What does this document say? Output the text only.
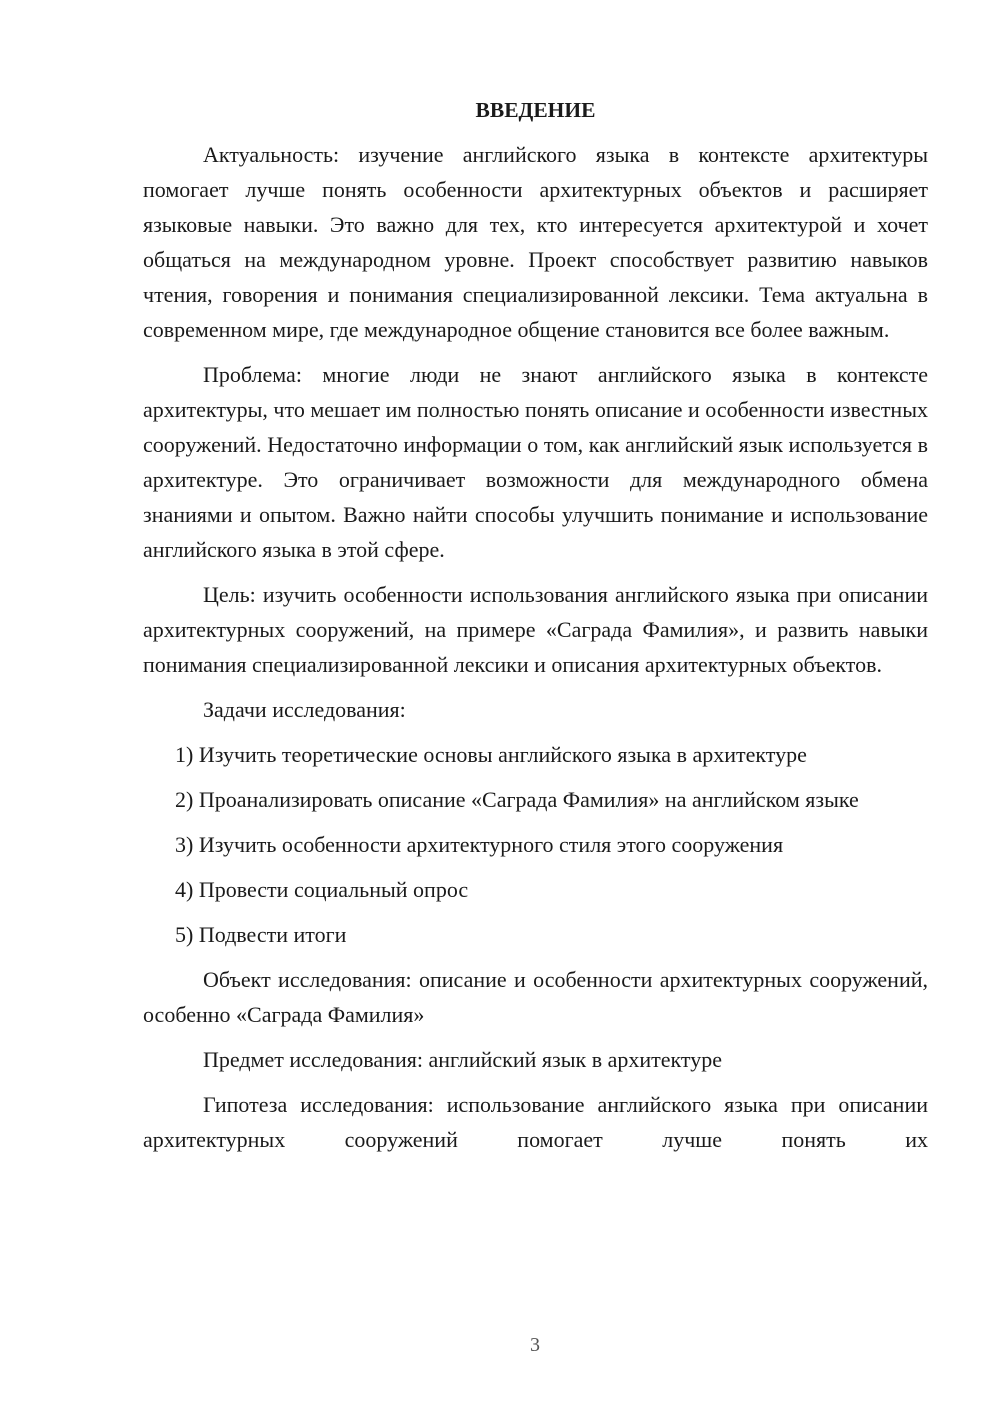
ВВЕДЕНИЕ

Актуальность: изучение английского языка в контексте архитектуры помогает лучше понять особенности архитектурных объектов и расширяет языковые навыки. Это важно для тех, кто интересуется архитектурой и хочет общаться на международном уровне. Проект способствует развитию навыков чтения, говорения и понимания специализированной лексики. Тема актуальна в современном мире, где международное общение становится все более важным.

Проблема: многие люди не знают английского языка в контексте архитектуры, что мешает им полностью понять описание и особенности известных сооружений. Недостаточно информации о том, как английский язык используется в архитектуре. Это ограничивает возможности для международного обмена знаниями и опытом. Важно найти способы улучшить понимание и использование английского языка в этой сфере.

Цель: изучить особенности использования английского языка при описании архитектурных сооружений, на примере «Саграда Фамилия», и развить навыки понимания специализированной лексики и описания архитектурных объектов.

Задачи исследования:

1) Изучить теоретические основы английского языка в архитектуре

2) Проанализировать описание «Саграда Фамилия» на английском языке

3) Изучить особенности архитектурного стиля этого сооружения

4) Провести социальный опрос

5) Подвести итоги

Объект исследования: описание и особенности архитектурных сооружений, особенно «Саграда Фамилия»

Предмет исследования: английский язык в архитектуре

Гипотеза исследования: использование английского языка при описании архитектурных сооружений помогает лучше понять их

3
